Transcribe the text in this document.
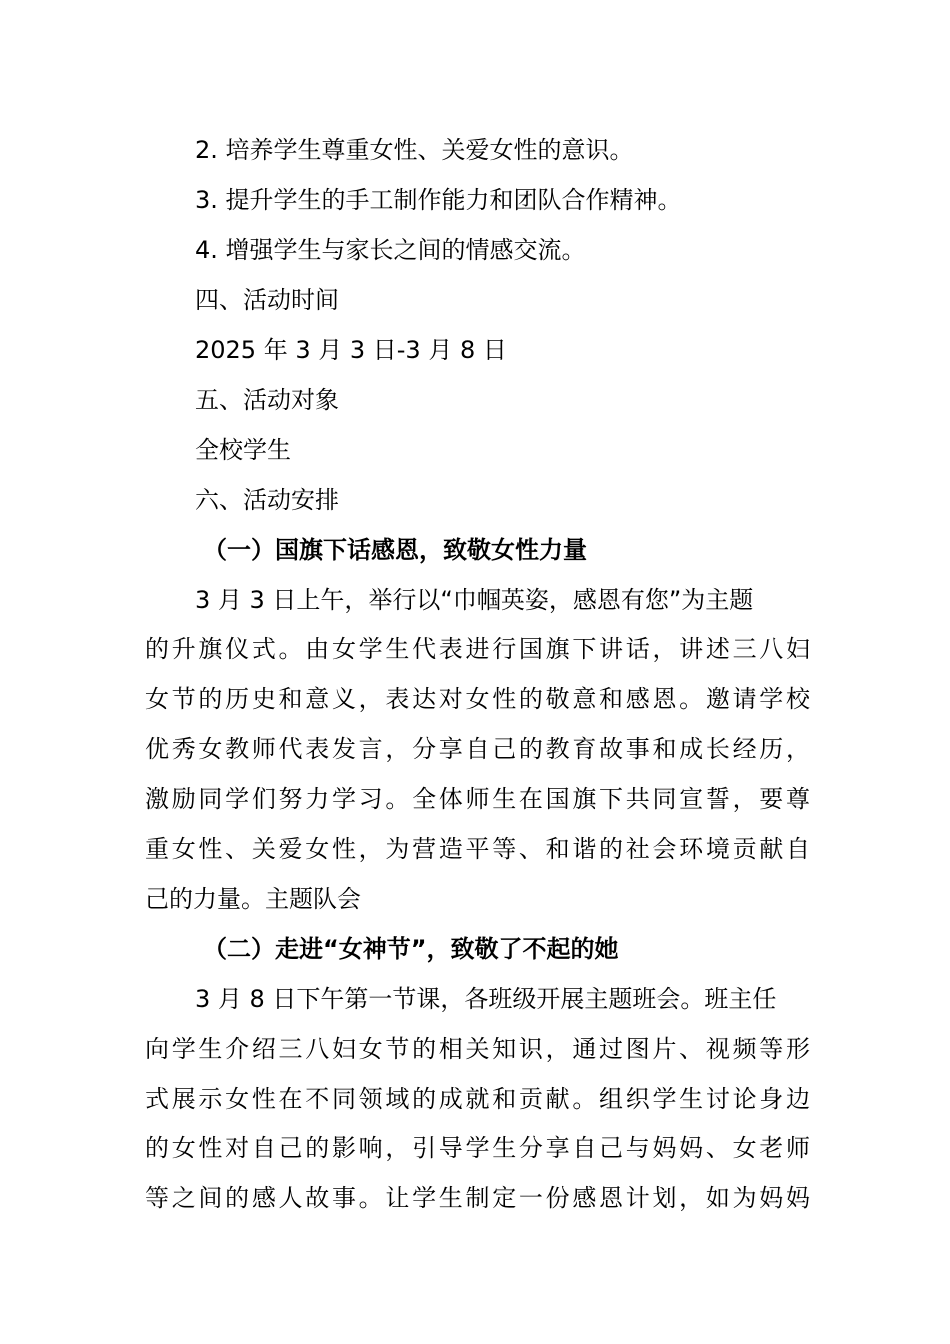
2. 培养学生尊重女性、关爱女性的意识。

3. 提升学生的手工制作能力和团队合作精神。

4. 增强学生与家长之间的情感交流。

四、活动时间

2025 年 3 月 3 日-3 月 8 日

五、活动对象

全校学生

六、活动安排

（一）国旗下话感恩，致敬女性力量

3 月 3 日上午，举行以“巾帼英姿，感恩有您”为主题

的升旗仪式。由女学生代表进行国旗下讲话，讲述三八妇

女节的历史和意义，表达对女性的敬意和感恩。邀请学校

优秀女教师代表发言，分享自己的教育故事和成长经历，

激励同学们努力学习。全体师生在国旗下共同宣誓，要尊

重女性、关爱女性，为营造平等、和谐的社会环境贡献自

己的力量。主题队会

（二）走进“女神节”，致敬了不起的她

3 月 8 日下午第一节课，各班级开展主题班会。班主任

向学生介绍三八妇女节的相关知识，通过图片、视频等形

式展示女性在不同领域的成就和贡献。组织学生讨论身边

的女性对自己的影响，引导学生分享自己与妈妈、女老师

等之间的感人故事。让学生制定一份感恩计划，如为妈妈
